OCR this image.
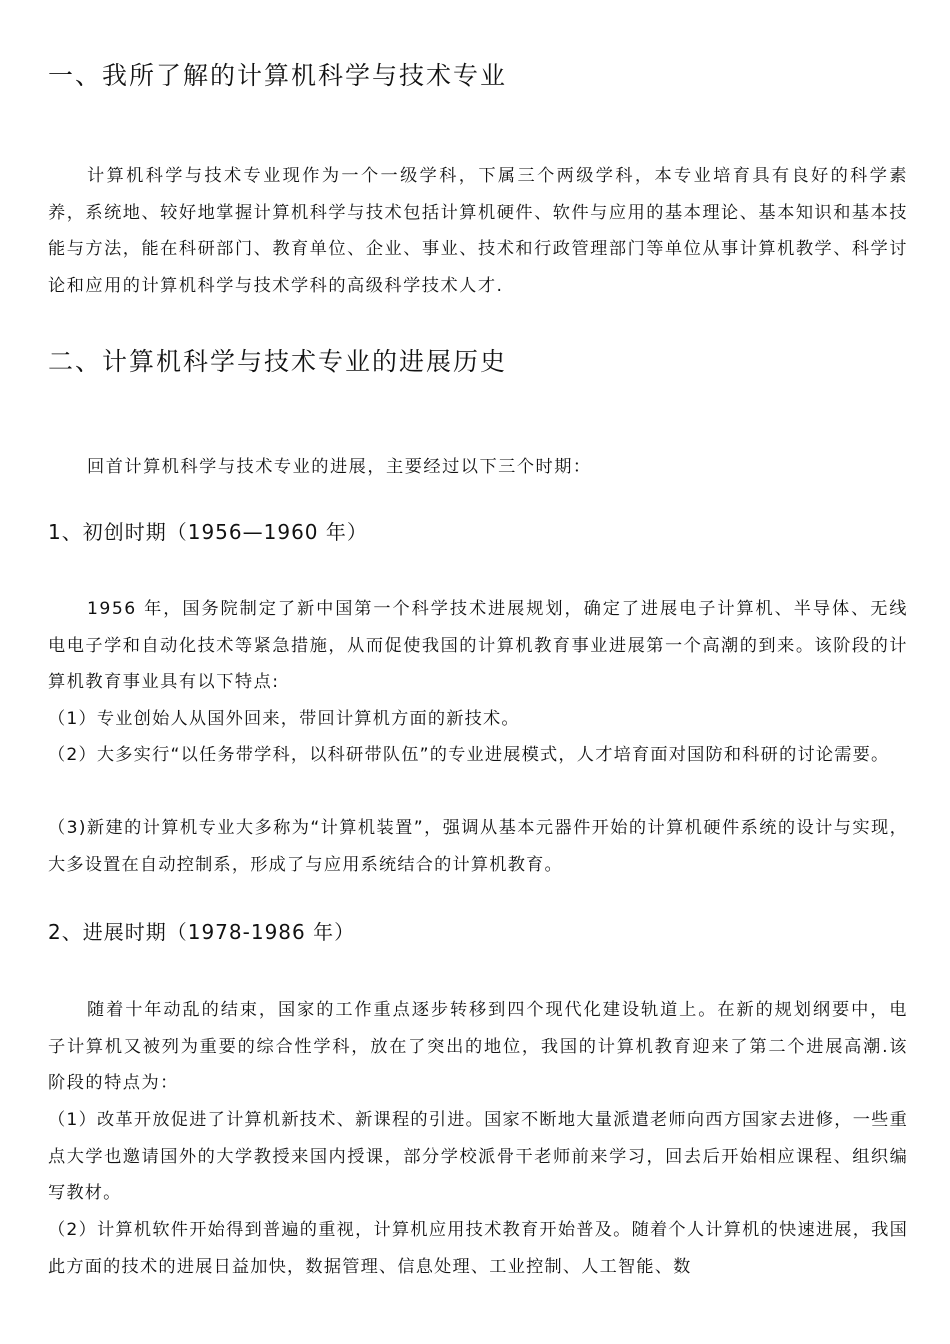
一、我所了解的计算机科学与技术专业

计算机科学与技术专业现作为一个一级学科，下属三个两级学科，本专业培育具有良好的科学素养，系统地、较好地掌握计算机科学与技术包括计算机硬件、软件与应用的基本理论、基本知识和基本技能与方法，能在科研部门、教育单位、企业、事业、技术和行政管理部门等单位从事计算机教学、科学讨论和应用的计算机科学与技术学科的高级科学技术人才.

二、计算机科学与技术专业的进展历史

回首计算机科学与技术专业的进展，主要经过以下三个时期：

1、初创时期（1956—1960 年）

1956 年，国务院制定了新中国第一个科学技术进展规划，确定了进展电子计算机、半导体、无线电电子学和自动化技术等紧急措施，从而促使我国的计算机教育事业进展第一个高潮的到来。该阶段的计算机教育事业具有以下特点:

（1）专业创始人从国外回来，带回计算机方面的新技术。

（2）大多实行“以任务带学科，以科研带队伍”的专业进展模式，人才培育面对国防和科研的讨论需要。

（3)新建的计算机专业大多称为“计算机装置”，强调从基本元器件开始的计算机硬件系统的设计与实现，大多设置在自动控制系，形成了与应用系统结合的计算机教育。

2、进展时期（1978-1986 年）

随着十年动乱的结束，国家的工作重点逐步转移到四个现代化建设轨道上。在新的规划纲要中，电子计算机又被列为重要的综合性学科，放在了突出的地位，我国的计算机教育迎来了第二个进展高潮.该阶段的特点为：

（1）改革开放促进了计算机新技术、新课程的引进。国家不断地大量派遣老师向西方国家去进修，一些重点大学也邀请国外的大学教授来国内授课，部分学校派骨干老师前来学习，回去后开始相应课程、组织编写教材。

（2）计算机软件开始得到普遍的重视，计算机应用技术教育开始普及。随着个人计算机的快速进展，我国此方面的技术的进展日益加快，数据管理、信息处理、工业控制、人工智能、数
